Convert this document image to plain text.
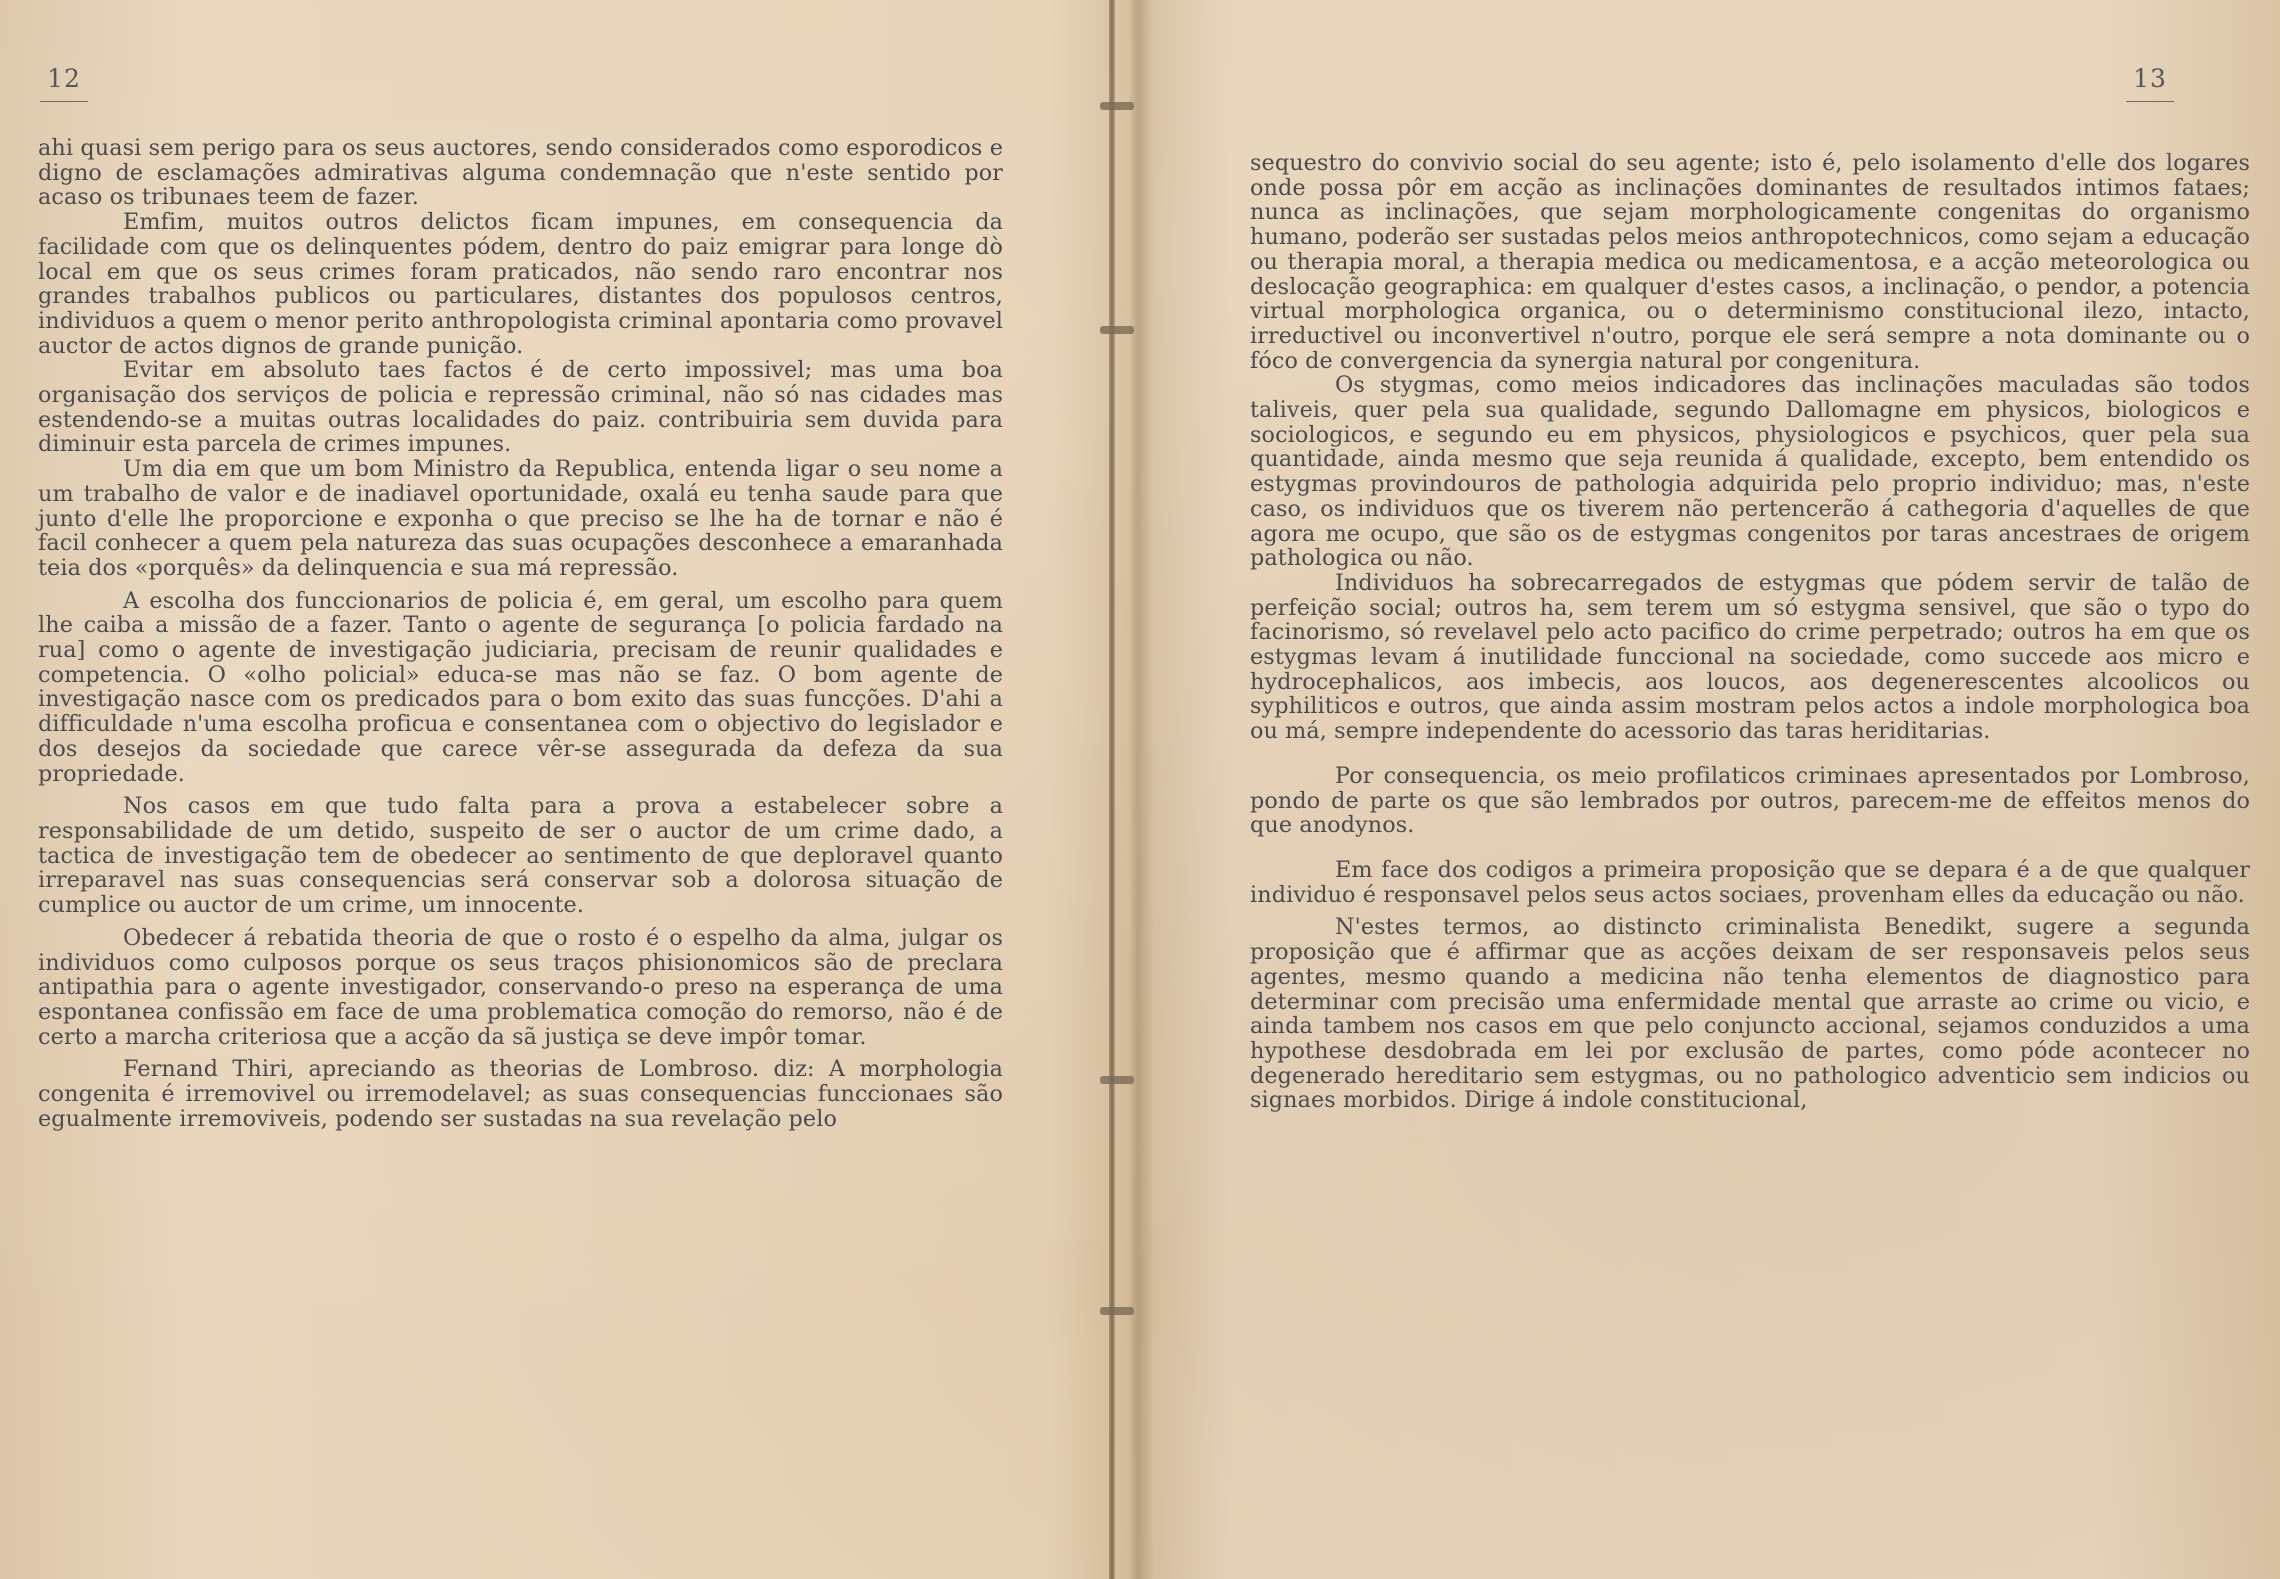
12

ahi quasi sem perigo para os seus auctores, sendo considerados como esporodicos e digno de esclamações admirativas alguma condemnação que n'este sentido por acaso os tribunaes teem de fazer.

Emfim, muitos outros delictos ficam impunes, em consequencia da facilidade com que os delinquentes pódem, dentro do paiz emigrar para longe dò local em que os seus crimes foram praticados, não sendo raro encontrar nos grandes trabalhos publicos ou particulares, distantes dos populosos centros, individuos a quem o menor perito anthropologista criminal apontaria como provavel auctor de actos dignos de grande punição.

Evitar em absoluto taes factos é de certo impossivel; mas uma boa organisação dos serviços de policia e repressão criminal, não só nas cidades mas estendendo-se a muitas outras localidades do paiz. contribuiria sem duvida para diminuir esta parcela de crimes impunes.

Um dia em que um bom Ministro da Republica, entenda ligar o seu nome a um trabalho de valor e de inadiavel oportunidade, oxalá eu tenha saude para que junto d'elle lhe proporcione e exponha o que preciso se lhe ha de tornar e não é facil conhecer a quem pela natureza das suas ocupações desconhece a emaranhada teia dos «porquês» da delinquencia e sua má repressão.

A escolha dos funccionarios de policia é, em geral, um escolho para quem lhe caiba a missão de a fazer. Tanto o agente de segurança [o policia fardado na rua] como o agente de investigação judiciaria, precisam de reunir qualidades e competencia. O «olho policial» educa-se mas não se faz. O bom agente de investigação nasce com os predicados para o bom exito das suas funcções. D'ahi a difficuldade n'uma escolha proficua e consentanea com o objectivo do legislador e dos desejos da sociedade que carece vêr-se assegurada da defeza da sua propriedade.

Nos casos em que tudo falta para a prova a estabelecer sobre a responsabilidade de um detido, suspeito de ser o auctor de um crime dado, a tactica de investigação tem de obedecer ao sentimento de que deploravel quanto irreparavel nas suas consequencias será conservar sob a dolorosa situação de cumplice ou auctor de um crime, um innocente.

Obedecer á rebatida theoria de que o rosto é o espelho da alma, julgar os individuos como culposos porque os seus traços phisionomicos são de preclara antipathia para o agente investigador, conservando-o preso na esperança de uma espontanea confissão em face de uma problematica comoção do remorso, não é de certo a marcha criteriosa que a acção da sã justiça se deve impôr tomar.

Fernand Thiri, apreciando as theorias de Lombroso. diz: A morphologia congenita é irremovivel ou irremodelavel; as suas consequencias funccionaes são egualmente irremoviveis, podendo ser sustadas na sua revelação pelo

13

sequestro do convivio social do seu agente; isto é, pelo isolamento d'elle dos logares onde possa pôr em acção as inclinações dominantes de resultados intimos fataes; nunca as inclinações, que sejam morphologicamente congenitas do organismo humano, poderão ser sustadas pelos meios anthropotechnicos, como sejam a educação ou therapia moral, a therapia medica ou medicamentosa, e a acção meteorologica ou deslocação geographica: em qualquer d'estes casos, a inclinação, o pendor, a potencia virtual morphologica organica, ou o determinismo constitucional ilezo, intacto, irreductivel ou inconvertivel n'outro, porque ele será sempre a nota dominante ou o fóco de convergencia da synergia natural por congenitura.

Os stygmas, como meios indicadores das inclinações maculadas são todos taliveis, quer pela sua qualidade, segundo Dallomagne em physicos, biologicos e sociologicos, e segundo eu em physicos, physiologicos e psychicos, quer pela sua quantidade, ainda mesmo que seja reunida á qualidade, excepto, bem entendido os estygmas provindouros de pathologia adquirida pelo proprio individuo; mas, n'este caso, os individuos que os tiverem não pertencerão á cathegoria d'aquelles de que agora me ocupo, que são os de estygmas congenitos por taras ancestraes de origem pathologica ou não.

Individuos ha sobrecarregados de estygmas que pódem servir de talão de perfeição social; outros ha, sem terem um só estygma sensivel, que são o typo do facinorismo, só revelavel pelo acto pacifico do crime perpetrado; outros ha em que os estygmas levam á inutilidade funccional na sociedade, como succede aos micro e hydrocephalicos, aos imbecis, aos loucos, aos degenerescentes alcoolicos ou syphiliticos e outros, que ainda assim mostram pelos actos a indole morphologica boa ou má, sempre independente do acessorio das taras heriditarias.

Por consequencia, os meio profilaticos criminaes apresentados por Lombroso, pondo de parte os que são lembrados por outros, parecem-me de effeitos menos do que anodynos.

Em face dos codigos a primeira proposição que se depara é a de que qualquer individuo é responsavel pelos seus actos sociaes, provenham elles da educação ou não.

N'estes termos, ao distincto criminalista Benedikt, sugere a segunda proposição que é affirmar que as acções deixam de ser responsaveis pelos seus agentes, mesmo quando a medicina não tenha elementos de diagnostico para determinar com precisão uma enfermidade mental que arraste ao crime ou vicio, e ainda tambem nos casos em que pelo conjuncto accional, sejamos conduzidos a uma hypothese desdobrada em lei por exclusão de partes, como póde acontecer no degenerado hereditario sem estygmas, ou no pathologico adventicio sem indicios ou signaes morbidos. Dirige á indole constitucional,
